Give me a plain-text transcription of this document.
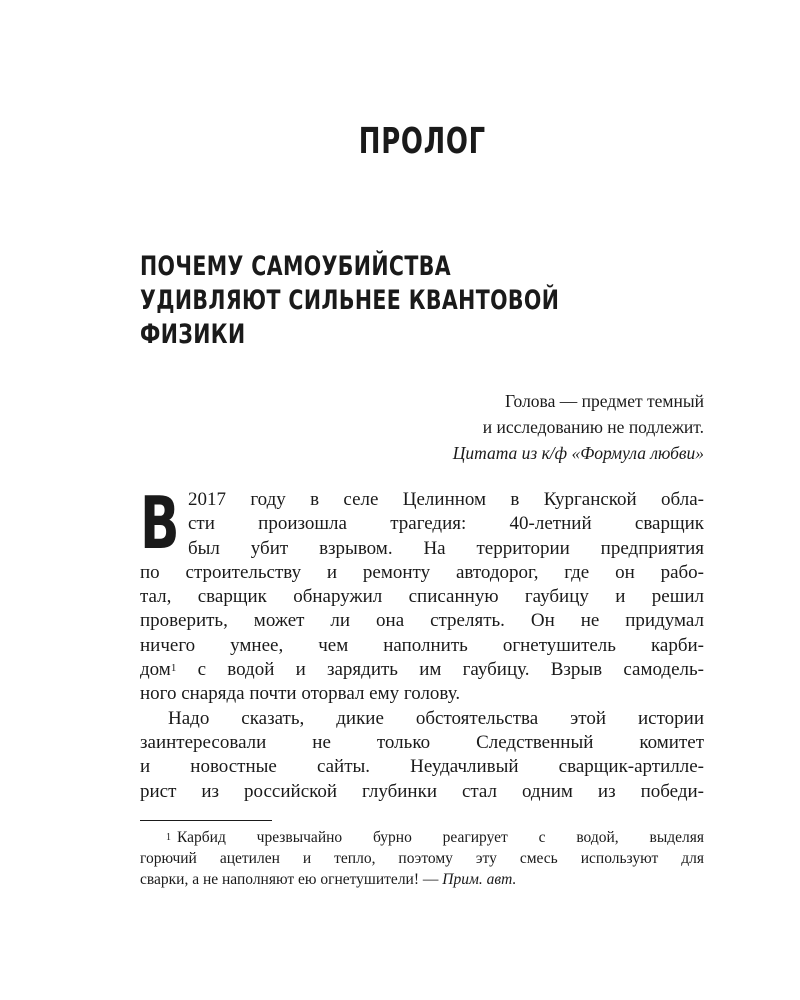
ПРОЛОГ
ПОЧЕМУ САМОУБИЙСТВА
УДИВЛЯЮТ СИЛЬНЕЕ КВАНТОВОЙ
ФИЗИКИ
Голова — предмет темный
и исследованию не подлежит.
Цитата из к/ф «Формула любви»
В 2017 году в селе Целинном в Курганской обла-
сти произошла трагедия: 40-летний сварщик
был убит взрывом. На территории предприятия
по строительству и ремонту автодорог, где он рабо-
тал, сварщик обнаружил списанную гаубицу и решил
проверить, может ли она стрелять. Он не придумал
ничего умнее, чем наполнить огнетушитель карби-
дом$^1$ с водой и зарядить им гаубицу. Взрыв самодель-
ного снаряда почти оторвал ему голову.
Надо сказать, дикие обстоятельства этой истории
заинтересовали не только Следственный комитет
и новостные сайты. Неудачливый сварщик-артилле-
рист из российской глубинки стал одним из победи-
$^1$ Карбид чрезвычайно бурно реагирует с водой, выделяя
горючий ацетилен и тепло, поэтому эту смесь используют для
сварки, а не наполняют ею огнетушители! — Прим. авт.
